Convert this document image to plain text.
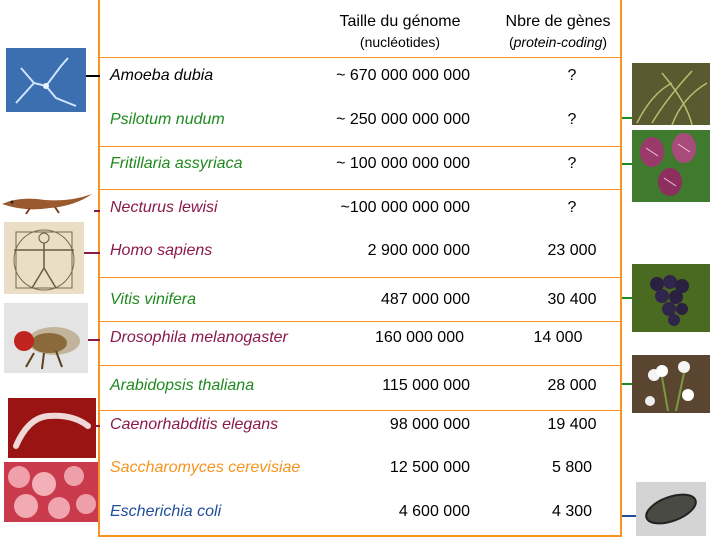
Taille du génome
(nucléotides)
Nbre de gènes
(protein-coding)
Amoeba dubia	~ 670 000 000 000	?
Psilotum nudum	~ 250 000 000 000	?
Fritillaria assyriaca	~ 100 000 000 000	?
Necturus lewisi	~100 000 000 000	?
Homo sapiens	2 900 000 000	23 000
Vitis vinifera	487 000 000	30 400
Drosophila melanogaster	160 000 000	14 000
Arabidopsis thaliana	115 000 000	28 000
Caenorhabditis elegans	98 000 000	19 400
Saccharomyces cerevisiae	12 500 000	5 800
Escherichia coli	4 600 000	4 300
